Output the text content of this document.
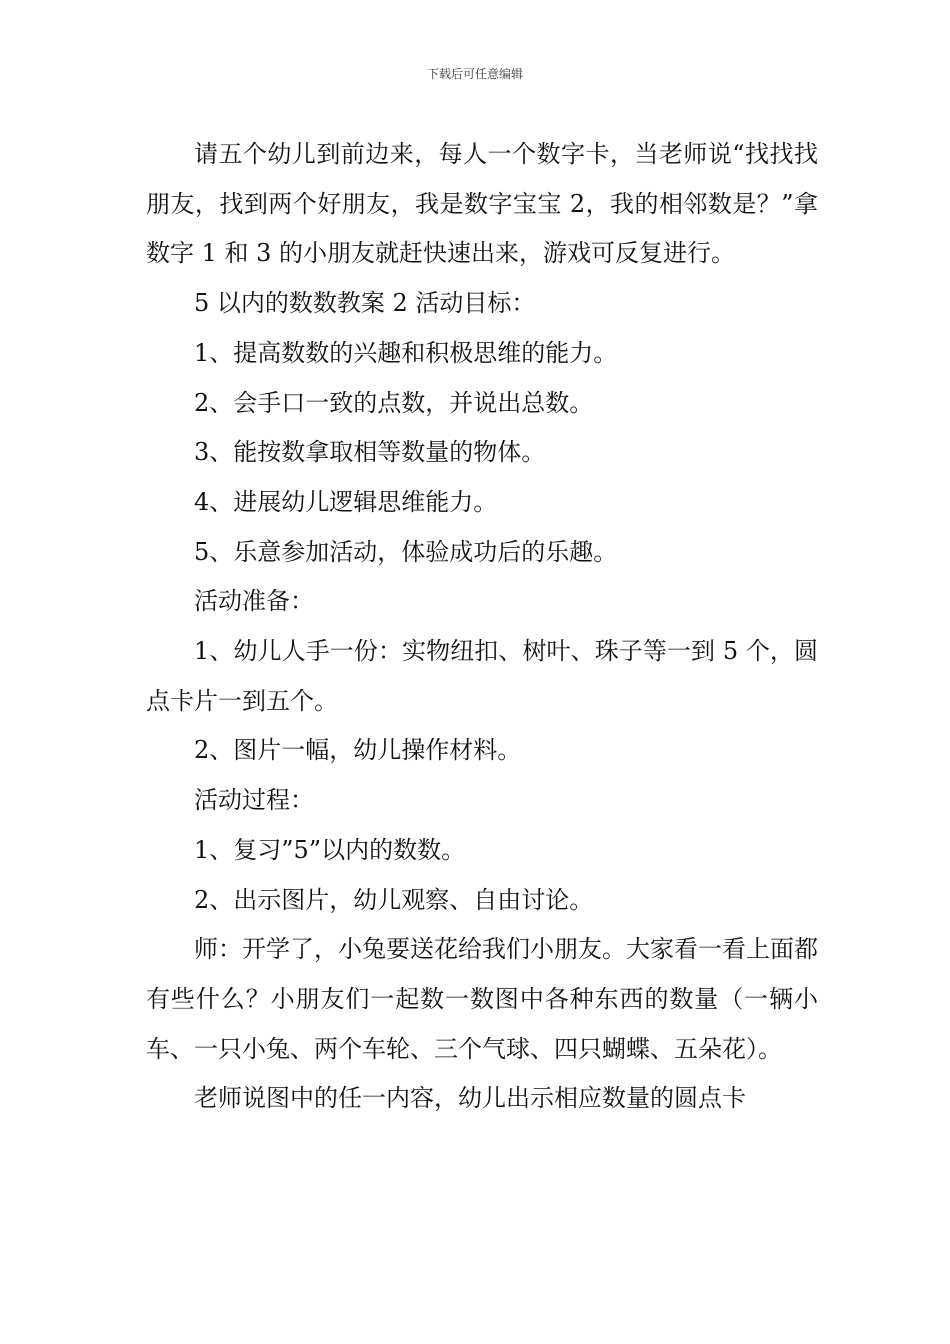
下载后可任意编辑

请五个幼儿到前边来，每人一个数字卡，当老师说“找找找朋友，找到两个好朋友，我是数字宝宝 2，我的相邻数是？”拿数字 1 和 3 的小朋友就赶快速出来，游戏可反复进行。

5 以内的数数教案 2 活动目标：

1、提高数数的兴趣和积极思维的能力。

2、会手口一致的点数，并说出总数。

3、能按数拿取相等数量的物体。

4、进展幼儿逻辑思维能力。

5、乐意参加活动，体验成功后的乐趣。

活动准备：

1、幼儿人手一份：实物纽扣、树叶、珠子等一到 5 个，圆点卡片一到五个。

2、图片一幅，幼儿操作材料。

活动过程：

1、复习”5”以内的数数。

2、出示图片，幼儿观察、自由讨论。

师：开学了，小兔要送花给我们小朋友。大家看一看上面都有些什么？小朋友们一起数一数图中各种东西的数量（一辆小车、一只小兔、两个车轮、三个气球、四只蝴蝶、五朵花）。

老师说图中的任一内容，幼儿出示相应数量的圆点卡
